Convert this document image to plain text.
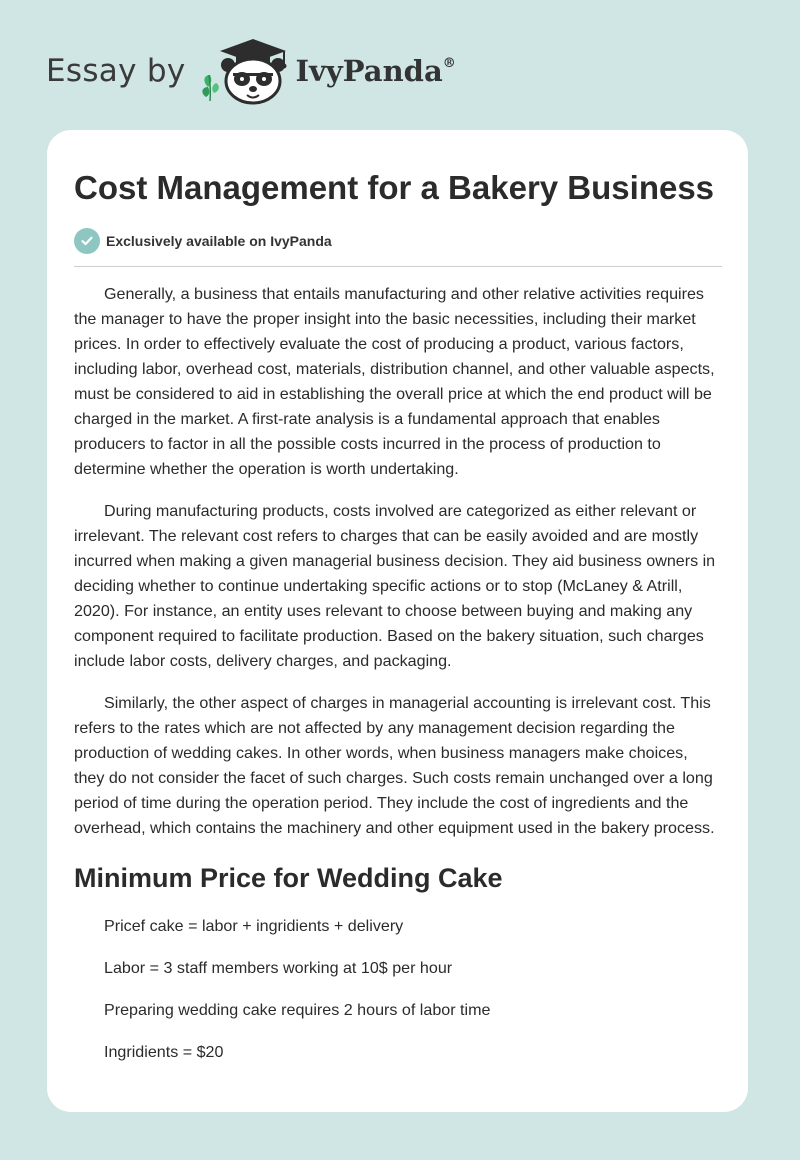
Essay by	IvyPanda®
Cost Management for a Bakery Business
Exclusively available on IvyPanda

Generally, a business that entails manufacturing and other relative activities requires the manager to have the proper insight into the basic necessities, including their market prices. In order to effectively evaluate the cost of producing a product, various factors, including labor, overhead cost, materials, distribution channel, and other valuable aspects, must be considered to aid in establishing the overall price at which the end product will be charged in the market. A first-rate analysis is a fundamental approach that enables producers to factor in all the possible costs incurred in the process of production to determine whether the operation is worth undertaking.

During manufacturing products, costs involved are categorized as either relevant or irrelevant. The relevant cost refers to charges that can be easily avoided and are mostly incurred when making a given managerial business decision. They aid business owners in deciding whether to continue undertaking specific actions or to stop (McLaney & Atrill, 2020). For instance, an entity uses relevant to choose between buying and making any component required to facilitate production. Based on the bakery situation, such charges include labor costs, delivery charges, and packaging.

Similarly, the other aspect of charges in managerial accounting is irrelevant cost. This refers to the rates which are not affected by any management decision regarding the production of wedding cakes. In other words, when business managers make choices, they do not consider the facet of such charges. Such costs remain unchanged over a long period of time during the operation period. They include the cost of ingredients and the overhead, which contains the machinery and other equipment used in the bakery process.

Minimum Price for Wedding Cake

Pricef cake = labor + ingridients + delivery

Labor = 3 staff members working at 10$ per hour

Preparing wedding cake requires 2 hours of labor time

Ingridients = $20
